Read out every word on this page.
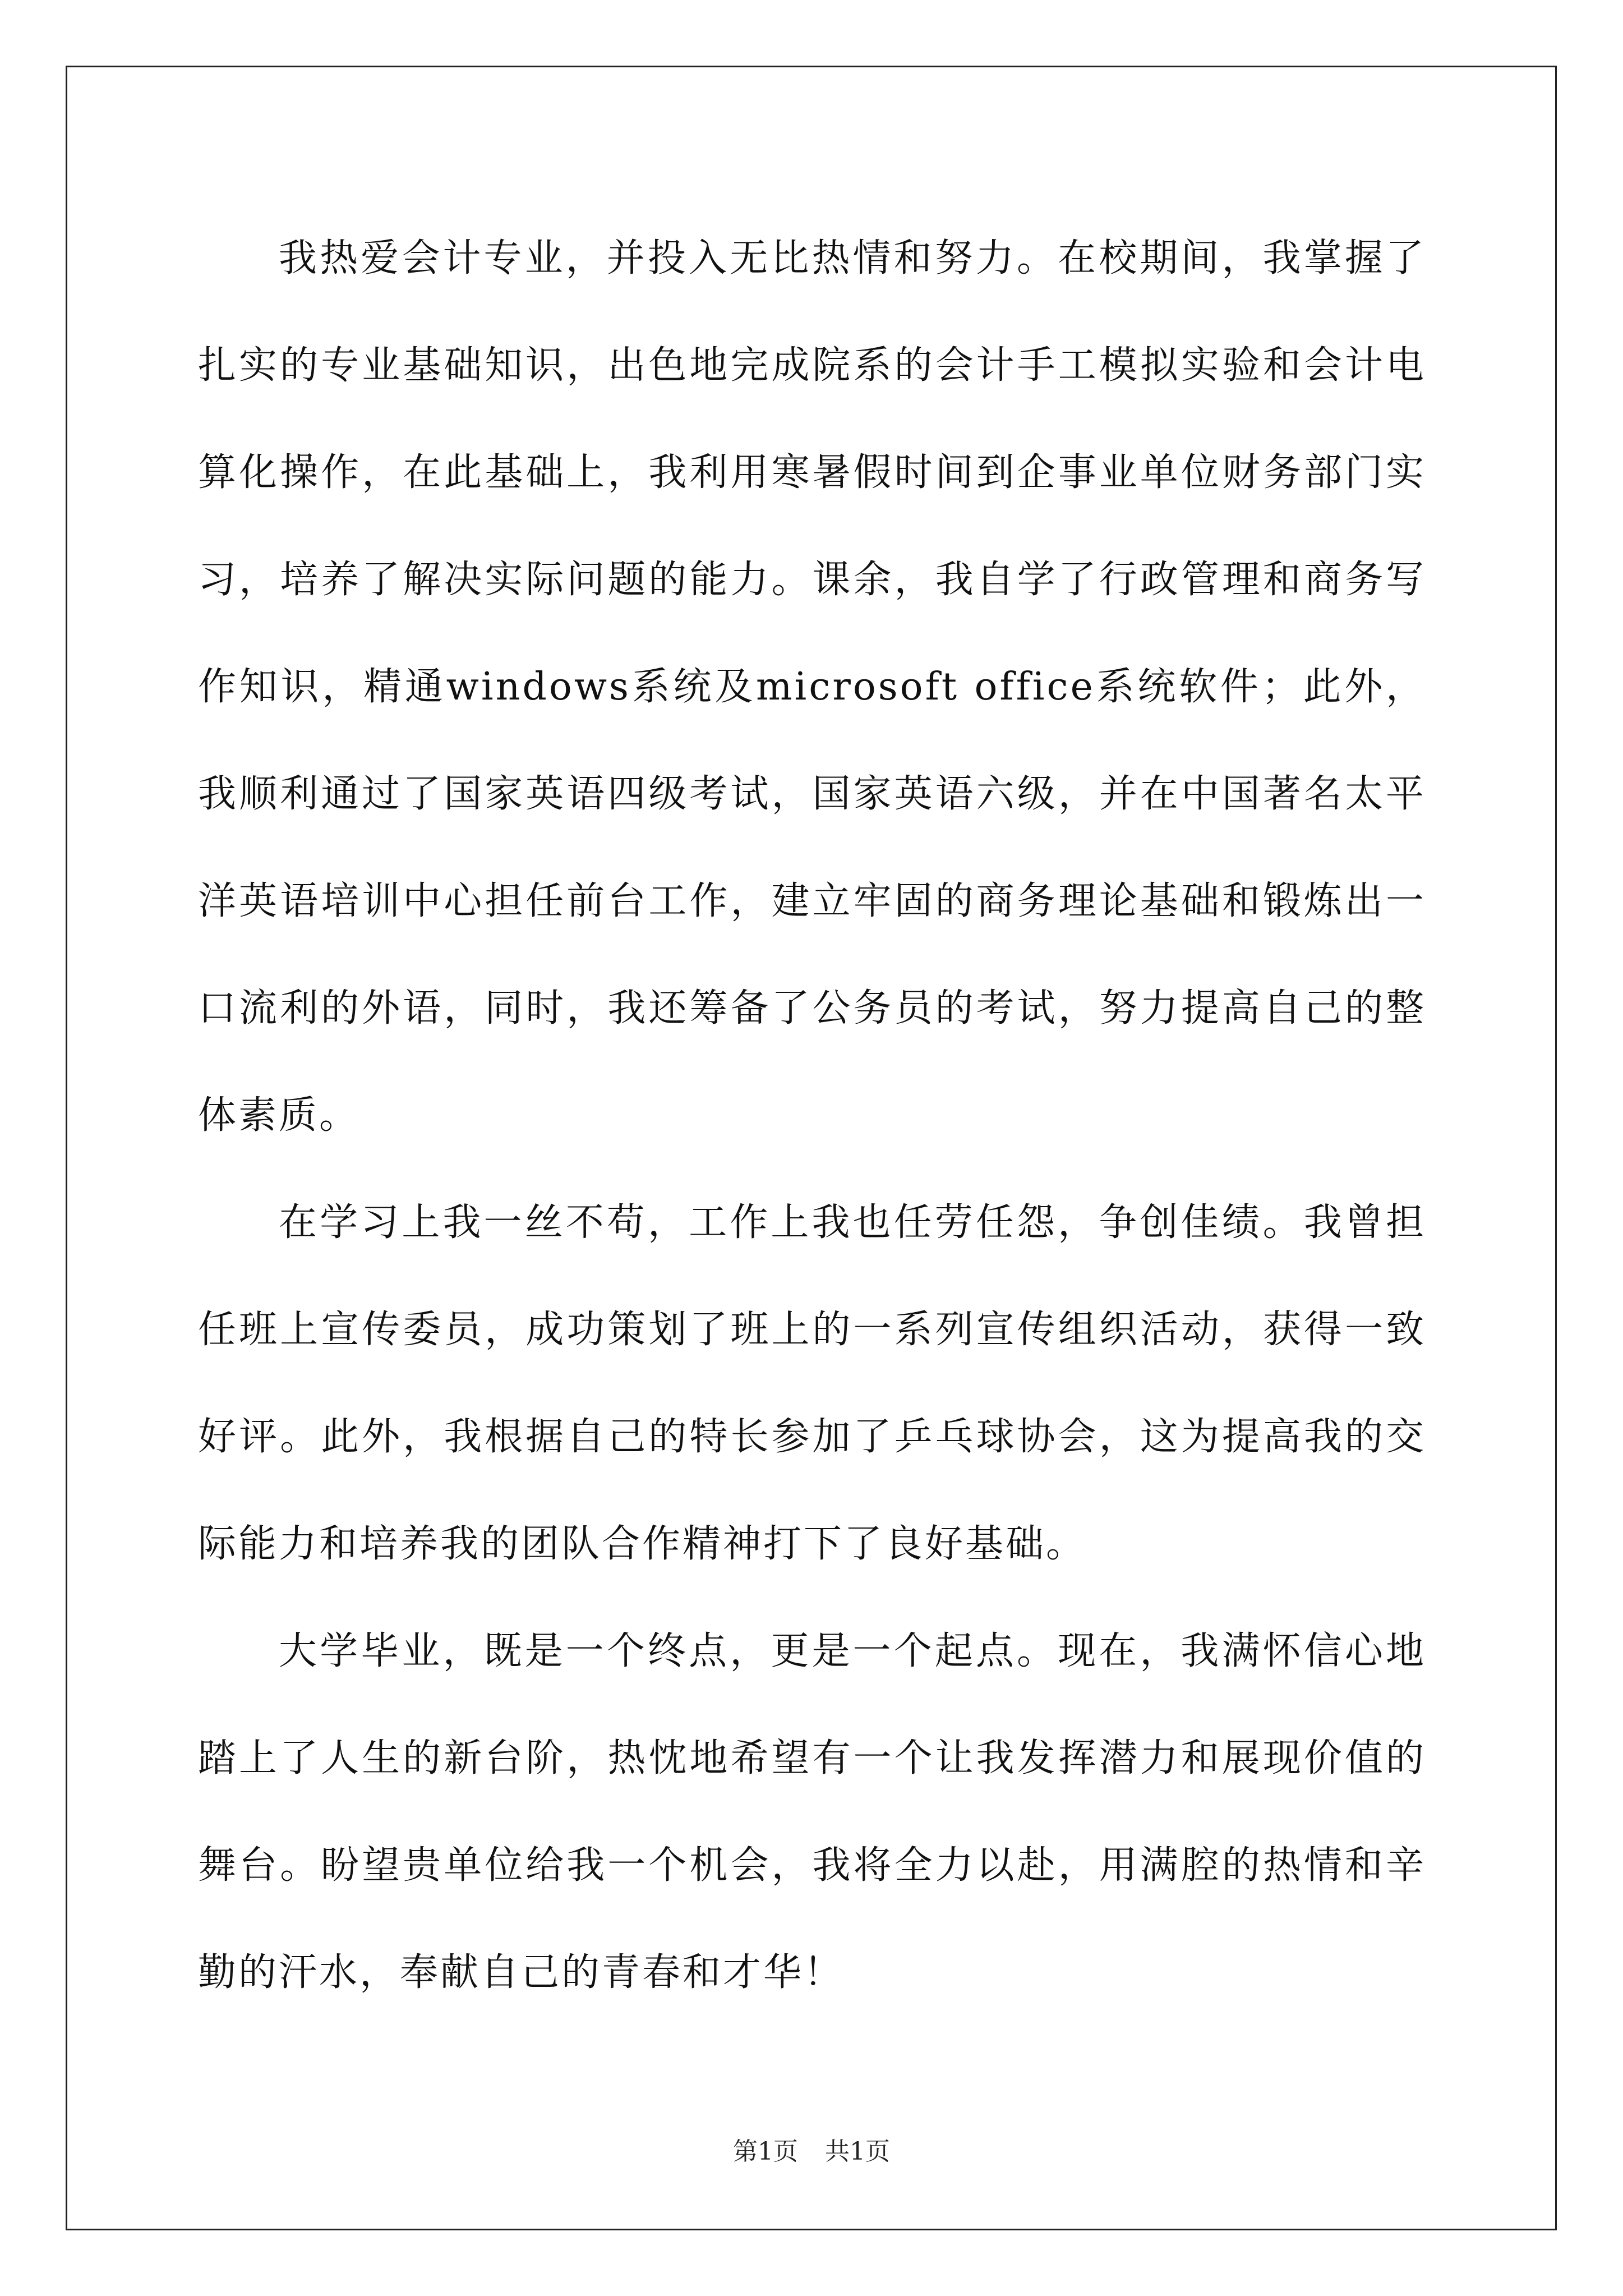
我热爱会计专业，并投入无比热情和努力。在校期间，我掌握了扎实的专业基础知识，出色地完成院系的会计手工模拟实验和会计电算化操作，在此基础上，我利用寒暑假时间到企事业单位财务部门实习，培养了解决实际问题的能力。课余，我自学了行政管理和商务写作知识，精通windows系统及microsoft office系统软件；此外，我顺利通过了国家英语四级考试，国家英语六级，并在中国著名太平洋英语培训中心担任前台工作，建立牢固的商务理论基础和锻炼出一口流利的外语，同时，我还筹备了公务员的考试，努力提高自己的整体素质。

在学习上我一丝不苟，工作上我也任劳任怨，争创佳绩。我曾担任班上宣传委员，成功策划了班上的一系列宣传组织活动，获得一致好评。此外，我根据自己的特长参加了乒乓球协会，这为提高我的交际能力和培养我的团队合作精神打下了良好基础。

大学毕业，既是一个终点，更是一个起点。现在，我满怀信心地踏上了人生的新台阶，热忱地希望有一个让我发挥潜力和展现价值的舞台。盼望贵单位给我一个机会，我将全力以赴，用满腔的热情和辛勤的汗水，奉献自己的青春和才华！

第1页 共1页
